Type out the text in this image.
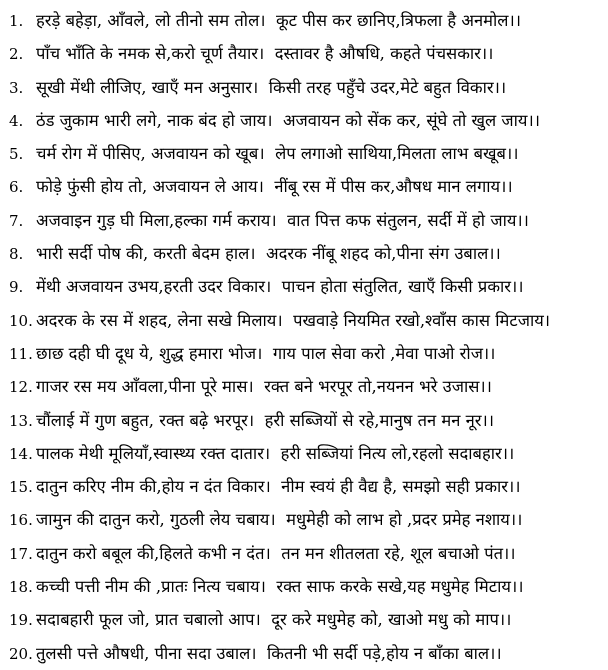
1. हरड़े बहेड़ा, आँवले, लो तीनो सम तोल।  कूट पीस कर छानिए,त्रिफला है अनमोल।।
2. पाँच भाँति के नमक से,करो चूर्ण तैयार।  दस्तावर है औषधि, कहते पंचसकार।।
3. सूखी मेंथी लीजिए, खाएँ मन अनुसार।  किसी तरह पहुँचे उदर,मेटे बहुत विकार।।
4. ठंड जुकाम भारी लगे, नाक बंद हो जाय।  अजवायन को सेंक कर, सूंघे तो खुल जाय।।
5. चर्म रोग में पीसिए, अजवायन को खूब।  लेप लगाओ साथिया,मिलता लाभ बखूब।।
6. फोड़े फुंसी होय तो, अजवायन ले आय।  नींबू रस में पीस कर,औषध मान लगाय।।
7. अजवाइन गुड़ घी मिला,हल्का गर्म कराय।  वात पित्त कफ संतुलन, सर्दी में हो जाय।।
8. भारी सर्दी पोष की, करती बेदम हाल।  अदरक नींबू शहद को,पीना संग उबाल।।
9. मेंथी अजवायन उभय,हरती उदर विकार।  पाचन होता संतुलित, खाएँ किसी प्रकार।।
10. अदरक के रस में शहद, लेना सखे मिलाय।  पखवाड़े नियमित रखो,श्वाँस कास मिटजाय।
11. छाछ दही घी दूध ये, शुद्ध हमारा भोज।  गाय पाल सेवा करो ,मेवा पाओ रोज।।
12. गाजर रस मय आँवला,पीना पूरे मास।  रक्त बने भरपूर तो,नयनन भरे उजास।।
13. चौंलाई में गुण बहुत, रक्त बढ़े भरपूर।  हरी सब्जियों से रहे,मानुष तन मन नूर।।
14. पालक मेथी मूलियाँ,स्वास्थ्य रक्त दातार।  हरी सब्जियां नित्य लो,रहलो सदाबहार।।
15. दातुन करिए नीम की,होय न दंत विकार।  नीम स्वयं ही वैद्य है, समझो सही प्रकार।।
16. जामुन की दातुन करो, गुठली लेय चबाय।  मधुमेही को लाभ हो ,प्रदर प्रमेह नशाय।।
17. दातुन करो बबूल की,हिलते कभी न दंत।  तन मन शीतलता रहे, शूल बचाओ पंत।।
18. कच्ची पत्ती नीम की ,प्रातः नित्य चबाय।  रक्त साफ करके सखे,यह मधुमेह मिटाय।।
19. सदाबहारी फूल जो, प्रात चबालो आप।  दूर करे मधुमेह को, खाओ मधु को माप।।
20. तुलसी पत्ते औषधी, पीना सदा उबाल।  कितनी भी सर्दी पड़े,होय न बाँका बाल।।
